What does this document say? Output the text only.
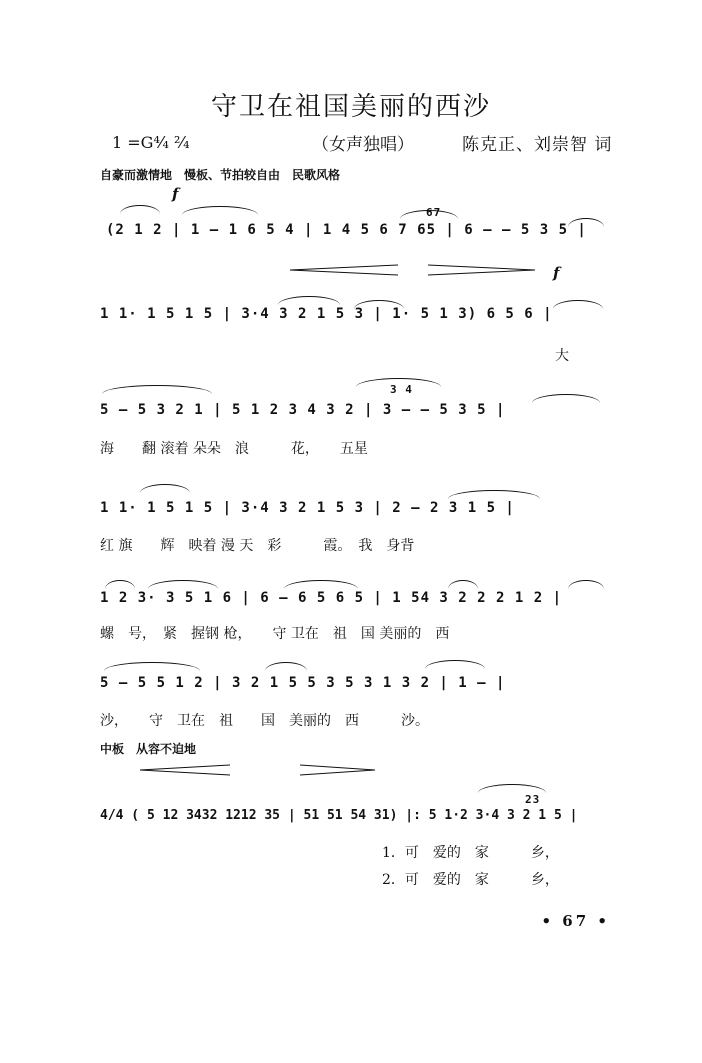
守卫在祖国美丽的西沙
1 =G⁴⁄₄ ²⁄₄	（女声独唱）	陈克正、刘崇智 词
自豪而激情地　慢板、节拍较自由　民歌风格
f
f
67
3 4
23
(2 1 2 | 1 — 1 6 5 4 | 1 4 5 6 7 65 | 6 — — 5 3 5 |
1 1· 1 5 1 5 | 3·4 3 2 1 5 3 | 1· 5 1 3) 6 5 6 |
大
5 — 5 3 2 1 | 5 1 2 3 4 3 2 | 3 — — 5 3 5 |
海　　翻 滚着 朵朵　浪　　　花，　　五星
1 1· 1 5 1 5 | 3·4 3 2 1 5 3 | 2 — 2 3 1 5 |
红 旗　　辉　映着 漫 天　彩　　　霞。　我　身背
1 2 3· 3 5 1 6 | 6 — 6 5 6 5 | 1 54 3 2 2 2 1 2 |
螺　号，　紧　握钢 枪，　　守 卫在　祖　国 美丽的　西
5 — 5 5 1 2 | 3 2 1 5 5 3 5 3 1 3 2 | 1 — |
沙，　　守　卫在　祖　　国　美丽的　西　　　沙。
中板　从容不迫地
4/4 ( 5 12 3432 1212 35 | 51 51 54 31) |: 5 1·2 3·4 3 2 1 5 |
1．可　爱的　家　　　乡，
2．可　爱的　家　　　乡，
• 67 •
